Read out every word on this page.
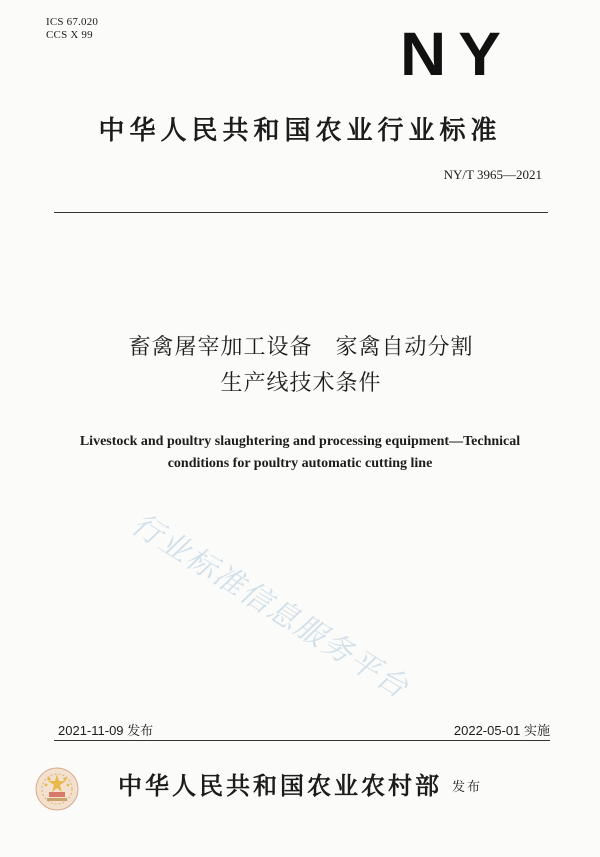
ICS 67.020
CCS X 99	NY
中华人民共和国农业行业标准
NY/T 3965—2021
畜禽屠宰加工设备　家禽自动分割
生产线技术条件
Livestock and poultry slaughtering and processing equipment—Technical
conditions for poultry automatic cutting line
行业标准信息服务平台
2021-11-09 发布	2022-05-01 实施
中华人民共和国农业农村部 发布
